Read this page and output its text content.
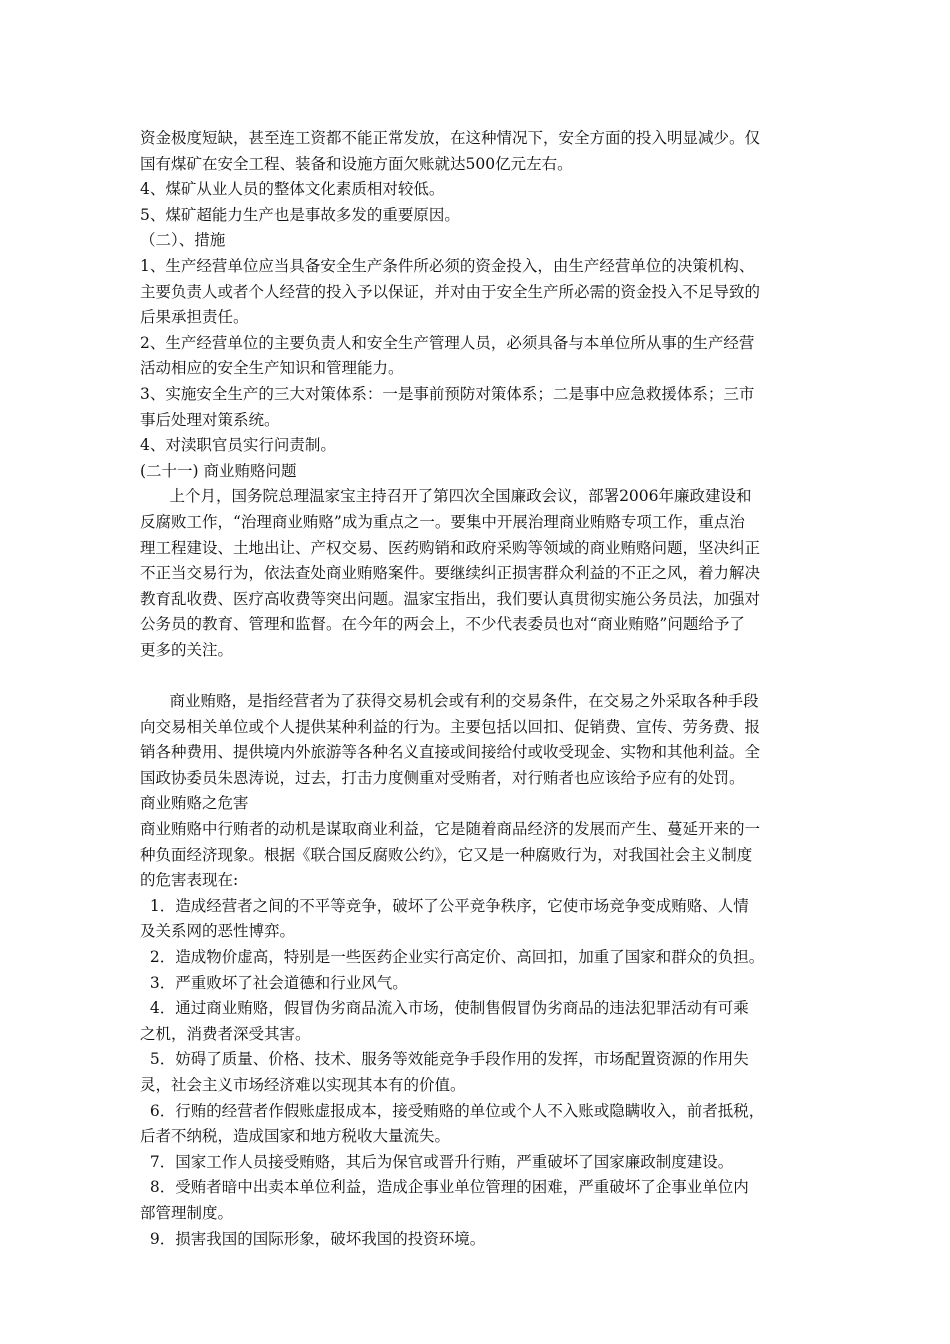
资金极度短缺，甚至连工资都不能正常发放，在这种情况下，安全方面的投入明显减少。仅

国有煤矿在安全工程、装备和设施方面欠账就达500亿元左右。

4、煤矿从业人员的整体文化素质相对较低。

5、煤矿超能力生产也是事故多发的重要原因。

（二）、措施

1、生产经营单位应当具备安全生产条件所必须的资金投入，由生产经营单位的决策机构、

主要负责人或者个人经营的投入予以保证，并对由于安全生产所必需的资金投入不足导致的

后果承担责任。

2、生产经营单位的主要负责人和安全生产管理人员，必须具备与本单位所从事的生产经营

活动相应的安全生产知识和管理能力。

3、实施安全生产的三大对策体系：一是事前预防对策体系；二是事中应急救援体系；三市

事后处理对策系统。

4、对渎职官员实行问责制。

(二十一) 商业贿赂问题

上个月，国务院总理温家宝主持召开了第四次全国廉政会议，部署2006年廉政建设和

反腐败工作，“治理商业贿赂”成为重点之一。要集中开展治理商业贿赂专项工作，重点治

理工程建设、土地出让、产权交易、医药购销和政府采购等领域的商业贿赂问题，坚决纠正

不正当交易行为，依法查处商业贿赂案件。要继续纠正损害群众利益的不正之风，着力解决

教育乱收费、医疗高收费等突出问题。温家宝指出，我们要认真贯彻实施公务员法，加强对

公务员的教育、管理和监督。在今年的两会上，不少代表委员也对“商业贿赂”问题给予了

更多的关注。

商业贿赂，是指经营者为了获得交易机会或有利的交易条件，在交易之外采取各种手段

向交易相关单位或个人提供某种利益的行为。主要包括以回扣、促销费、宣传、劳务费、报

销各种费用、提供境内外旅游等各种名义直接或间接给付或收受现金、实物和其他利益。全

国政协委员朱恩涛说，过去，打击力度侧重对受贿者，对行贿者也应该给予应有的处罚。

商业贿赂之危害

商业贿赂中行贿者的动机是谋取商业利益，它是随着商品经济的发展而产生、蔓延开来的一

种负面经济现象。根据《联合国反腐败公约》，它又是一种腐败行为，对我国社会主义制度

的危害表现在:

1．造成经营者之间的不平等竞争，破坏了公平竞争秩序，它使市场竞争变成贿赂、人情

及关系网的恶性博弈。

2．造成物价虚高，特别是一些医药企业实行高定价、高回扣，加重了国家和群众的负担。

3．严重败坏了社会道德和行业风气。

4．通过商业贿赂，假冒伪劣商品流入市场，使制售假冒伪劣商品的违法犯罪活动有可乘

之机，消费者深受其害。

5．妨碍了质量、价格、技术、服务等效能竞争手段作用的发挥，市场配置资源的作用失

灵，社会主义市场经济难以实现其本有的价值。

6．行贿的经营者作假账虚报成本，接受贿赂的单位或个人不入账或隐瞒收入，前者抵税，

后者不纳税，造成国家和地方税收大量流失。

7．国家工作人员接受贿赂，其后为保官或晋升行贿，严重破坏了国家廉政制度建设。

8．受贿者暗中出卖本单位利益，造成企事业单位管理的困难，严重破坏了企事业单位内

部管理制度。

9．损害我国的国际形象，破坏我国的投资环境。
